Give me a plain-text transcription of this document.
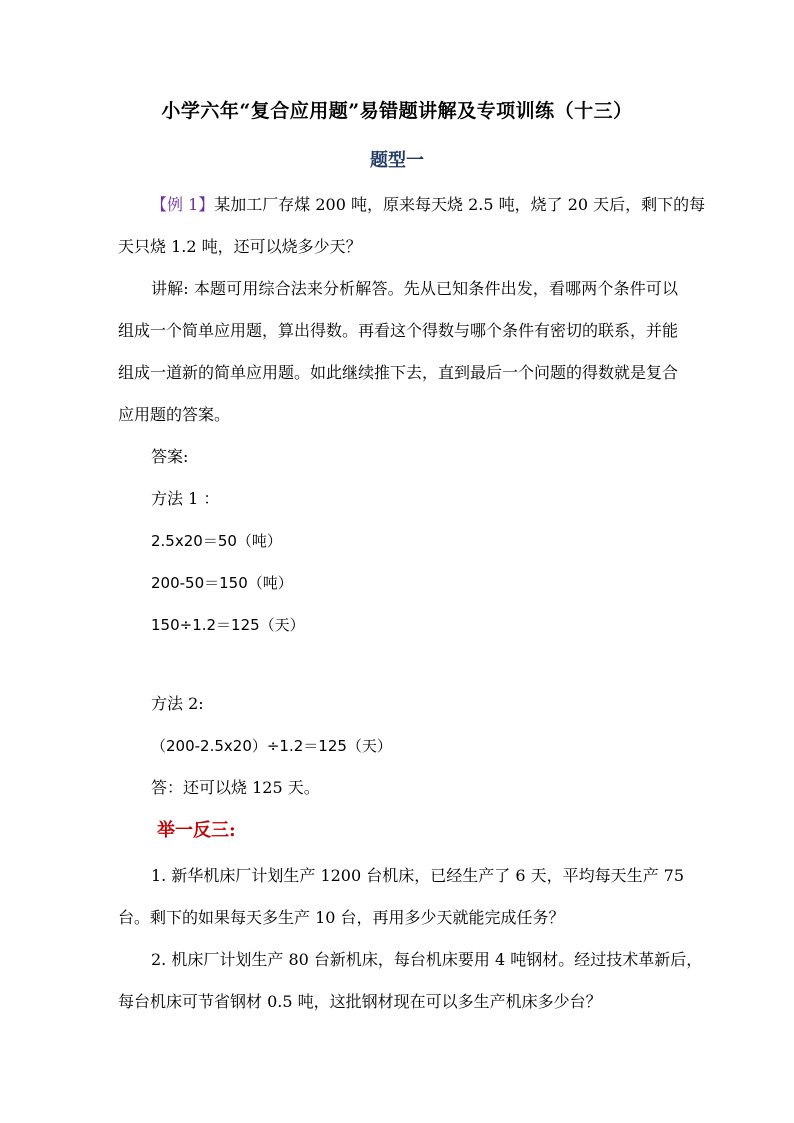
小学六年“复合应用题”易错题讲解及专项训练（十三）
题型一
【例 1】某加工厂存煤 200 吨，原来每天烧 2.5 吨，烧了 20 天后，剩下的每
天只烧 1.2 吨，还可以烧多少天？
讲解: 本题可用综合法来分析解答。先从已知条件出发，看哪两个条件可以
组成一个简单应用题，算出得数。再看这个得数与哪个条件有密切的联系，并能
组成一道新的简单应用题。如此继续推下去，直到最后一个问题的得数就是复合
应用题的答案。
答案:
方法 1 ：
2.5x20＝50（吨）
200-50＝150（吨）
150÷1.2＝125（天）
方法 2:
（200-2.5x20）÷1.2＝125（天）
答：还可以烧 125 天。
举一反三:
1. 新华机床厂计划生产 1200 台机床，已经生产了 6 天，平均每天生产 75
台。剩下的如果每天多生产 10 台，再用多少天就能完成任务？
2. 机床厂计划生产 80 台新机床，每台机床要用 4 吨钢材。经过技术革新后，
每台机床可节省钢材 0.5 吨，这批钢材现在可以多生产机床多少台？
